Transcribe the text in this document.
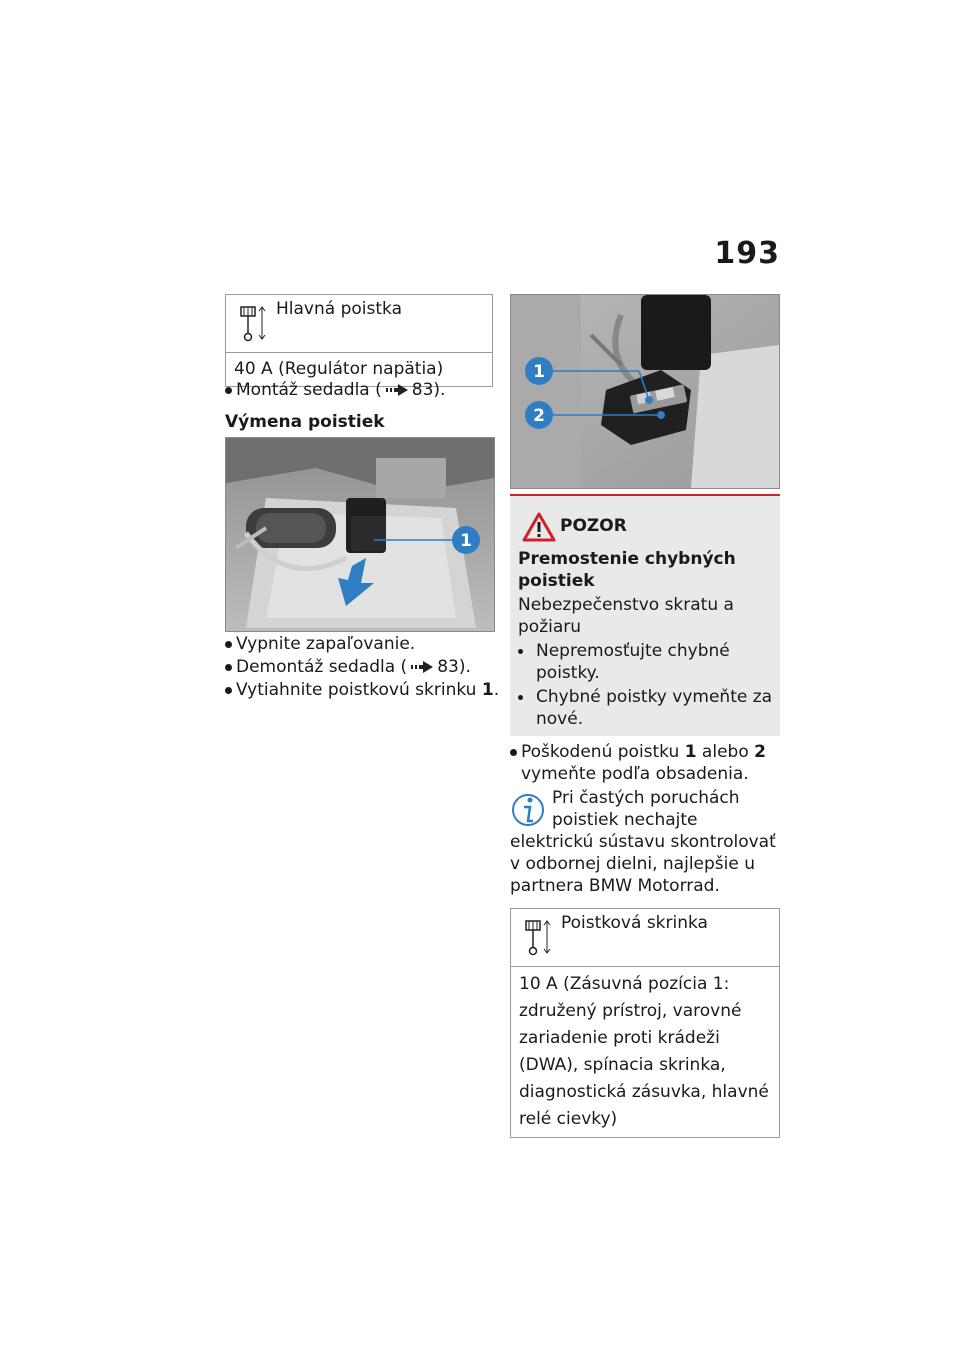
193
Hlavná poistka
40 A (Regulátor napätia)
Montáž sedadla ( 83).
Výmena poistiek
1
Vypnite zapaľovanie.
Demontáž sedadla ( 83).
Vytiahnite poistkovú skrinku 1.
1
2
POZOR
Premostenie chybných poistiek
Nebezpečenstvo skratu a požiaru
Nepremosťujte chybné poistky.
Chybné poistky vymeňte za nové.
Poškodenú poistku 1 alebo 2
vymeňte podľa obsadenia.
Pri častých poruchách poistiek nechajte elektrickú sústavu skontrolovať v odbornej dielni, najlepšie u partnera BMW Motorrad.
Poistková skrinka
10 A (Zásuvná pozícia 1: združený prístroj, varovné zariadenie proti krádeži (DWA), spínacia skrinka, diagnostická zásuvka, hlavné relé cievky)
